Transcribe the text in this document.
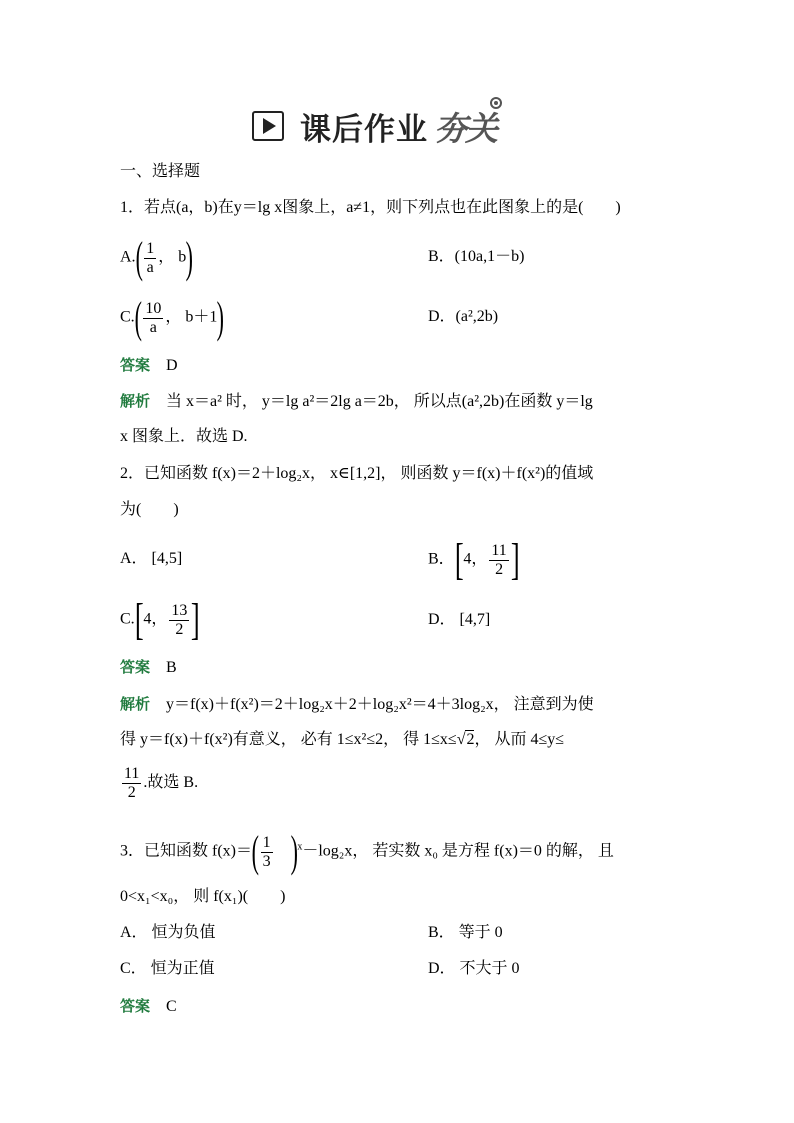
课后作业 夯关
一、选择题
1．若点(a，b)在y＝lg x图象上，a≠1，则下列点也在此图象上的是(　　)
$A.( \frac{1}{a}$ ， b)	B．(10a,1－b)
$C.( \frac{10}{a}$ ， b＋1)	D．(a²,2b)
答案 D
解析 当 x＝a² 时， y＝lg a²＝2lg a＝2b， 所以点(a²,2b)在函数 y＝lg
x 图象上．故选 D.
2．已知函数 f(x)＝2＋log₂x， x∈[1,2]， 则函数 y＝f(x)＋f(x²)的值域
为(　　)
A． [4,5]	B．[4， $\frac{11}{2}$ ]
C.[4， $\frac{13}{2}$ ]	D． [4,7]
答案 B
解析 y＝f(x)＋f(x²)＝2＋log₂x＋2＋log₂x²＝4＋3log₂x， 注意到为使
得 y＝f(x)＋f(x²)有意义， 必有 1≤x²≤2， 得 1≤x≤√2， 从而 4≤y≤
$\frac{11}{2}$ .故选 B.
3．已知函数 $f(x)=( \frac{1}{3} )^x-\log_2x$， 若实数 x₀ 是方程 f(x)＝0 的解， 且
0<x₁<x₀， 则 f(x₁)(　　)
A． 恒为负值	B． 等于 0
C． 恒为正值	D． 不大于 0
答案 C
